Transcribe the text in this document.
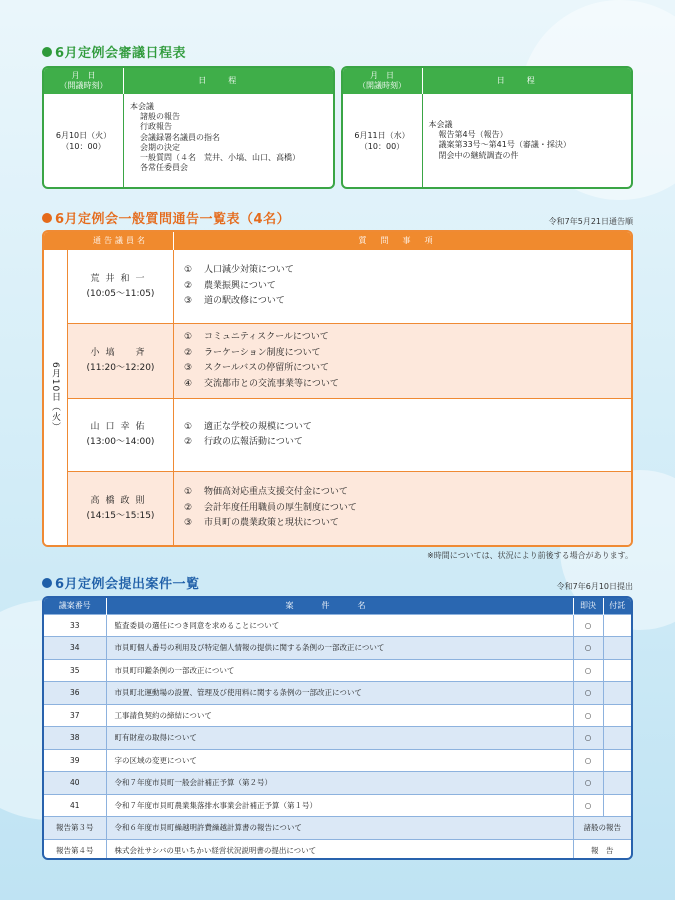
6月定例会審議日程表
月　日
（開議時刻）
日程
6月10日（火）
（10：00）
本会議
諸般の報告
行政報告
会議録署名議員の指名
会期の決定
一般質問（４名　荒井、小塙、山口、高橋）
各常任委員会
月　日
（開議時刻）
日程
6月11日（水）
（10：00）
本会議
報告第4号（報告）
議案第33号〜第41号（審議・採決）
閉会中の継続調査の件
6月定例会一般質問通告一覧表（4名）	令和7年5月21日通告順
通告議員名	質問事項
6月10日（火）
荒井和一
(10:05〜11:05)
① 人口減少対策について
② 農業振興について
③ 道の駅改修について
小塙　斉
(11:20〜12:20)
① コミュニティスクールについて
② ラーケーション制度について
③ スクールバスの停留所について
④ 交流都市との交流事業等について
山口幸佑
(13:00〜14:00)
① 適正な学校の規模について
② 行政の広報活動について
高橋政則
(14:15〜15:15)
① 物価高対応重点支援交付金について
② 会計年度任用職員の厚生制度について
③ 市貝町の農業政策と現状について
※時間については、状況により前後する場合があります。
6月定例会提出案件一覧	令和7年6月10日提出
議案番号	案件名	即決	付託
33	監査委員の選任につき同意を求めることについて	○	
34	市貝町個人番号の利用及び特定個人情報の提供に関する条例の一部改正について	○	
35	市貝町印鑑条例の一部改正について	○	
36	市貝町北運動場の設置、管理及び使用料に関する条例の一部改正について	○	
37	工事請負契約の締結について	○	
38	町有財産の取得について	○	
39	字の区域の変更について	○	
40	令和７年度市貝町一般会計補正予算（第２号）	○	
41	令和７年度市貝町農業集落排水事業会計補正予算（第１号）	○	
報告第３号	令和６年度市貝町繰越明許費繰越計算書の報告について	諸般の報告	
報告第４号	株式会社サシバの里いちかい経営状況説明書の提出について	報　告	
